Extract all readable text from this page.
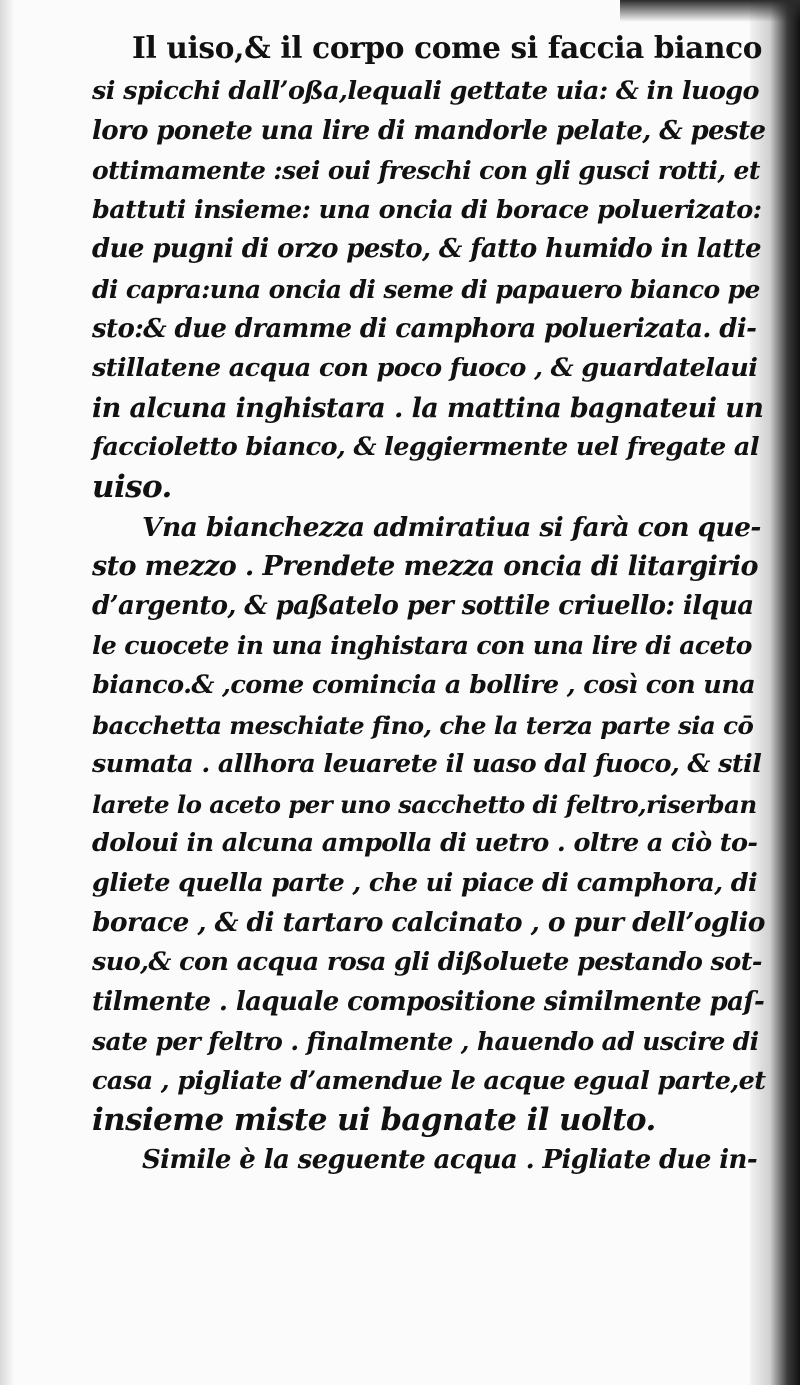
Il uiso,& il corpo come si faccia bianco
si spicchi dall’oßa,lequali gettate uia: & in luogo
loro ponete una lire di mandorle pelate, & peste
ottimamente :sei oui freschi con gli gusci rotti, et
battuti insieme: una oncia di borace poluerizato:
due pugni di orzo pesto, & fatto humido in latte
di capra:una oncia di seme di papauero bianco pe
sto:& due dramme di camphora poluerizata. di-
stillatene acqua con poco fuoco , & guardatelaui
in alcuna inghistara . la mattina bagnateui un
faccioletto bianco, & leggiermente uel fregate al
uiso.
Vna bianchezza admiratiua si farà con que-
sto mezzo . Prendete mezza oncia di litargirio
d’argento, & paßatelo per sottile criuello: ilqua
le cuocete in una inghistara con una lire di aceto
bianco.& ,come comincia a bollire , così con una
bacchetta meschiate fino, che la terza parte sia cō
sumata . allhora leuarete il uaso dal fuoco, & stil
larete lo aceto per uno sacchetto di feltro,riserban
doloui in alcuna ampolla di uetro . oltre a ciò to-
gliete quella parte , che ui piace di camphora, di
borace , & di tartaro calcinato , o pur dell’oglio
suo,& con acqua rosa gli dißoluete pestando sot-
tilmente . laquale compositione similmente paſ-
sate per feltro . finalmente , hauendo ad uscire di
casa , pigliate d’amendue le acque egual parte,et
insieme miste ui bagnate il uolto.
Simile è la seguente acqua . Pigliate due in-
